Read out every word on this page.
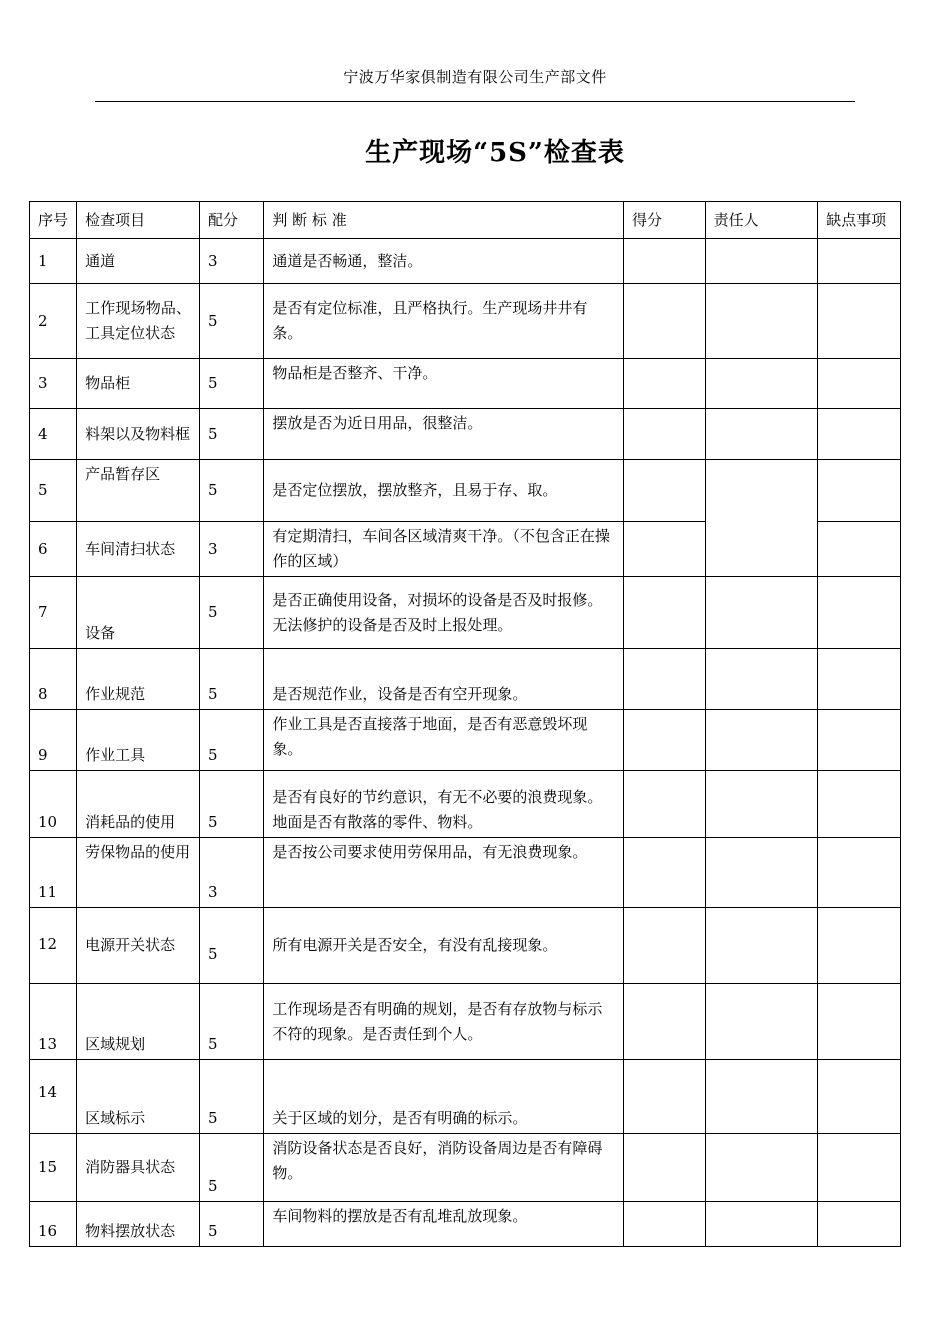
宁波万华家俱制造有限公司生产部文件
生产现场“5S”检查表
序号	检查项目	配分	判 断 标 准	得分	责任人	缺点事项
1	通道	3	通道是否畅通，整洁。			
2	工作现场物品、工具定位状态	5	是否有定位标准，且严格执行。生产现场井井有条。			
3	物品柜	5	物品柜是否整齐、干净。			
4	料架以及物料框	5	摆放是否为近日用品，很整洁。			
5	产品暂存区	5	是否定位摆放，摆放整齐，且易于存、取。			
6	车间清扫状态	3	有定期清扫，车间各区域清爽干净。（不包含正在操作的区域）			
7	设备	5	是否正确使用设备，对损坏的设备是否及时报修。无法修护的设备是否及时上报处理。			
8	作业规范	5	是否规范作业，设备是否有空开现象。			
9	作业工具	5	作业工具是否直接落于地面，是否有恶意毁坏现象。			
10	消耗品的使用	5	是否有良好的节约意识，有无不必要的浪费现象。地面是否有散落的零件、物料。			
11	劳保物品的使用	3	是否按公司要求使用劳保用品，有无浪费现象。			
12	电源开关状态	5	所有电源开关是否安全，有没有乱接现象。			
13	区域规划	5	工作现场是否有明确的规划，是否有存放物与标示不符的现象。是否责任到个人。			
14	区域标示	5	关于区域的划分，是否有明确的标示。			
15	消防器具状态	5	消防设备状态是否良好，消防设备周边是否有障碍物。			
16	物料摆放状态	5	车间物料的摆放是否有乱堆乱放现象。			
